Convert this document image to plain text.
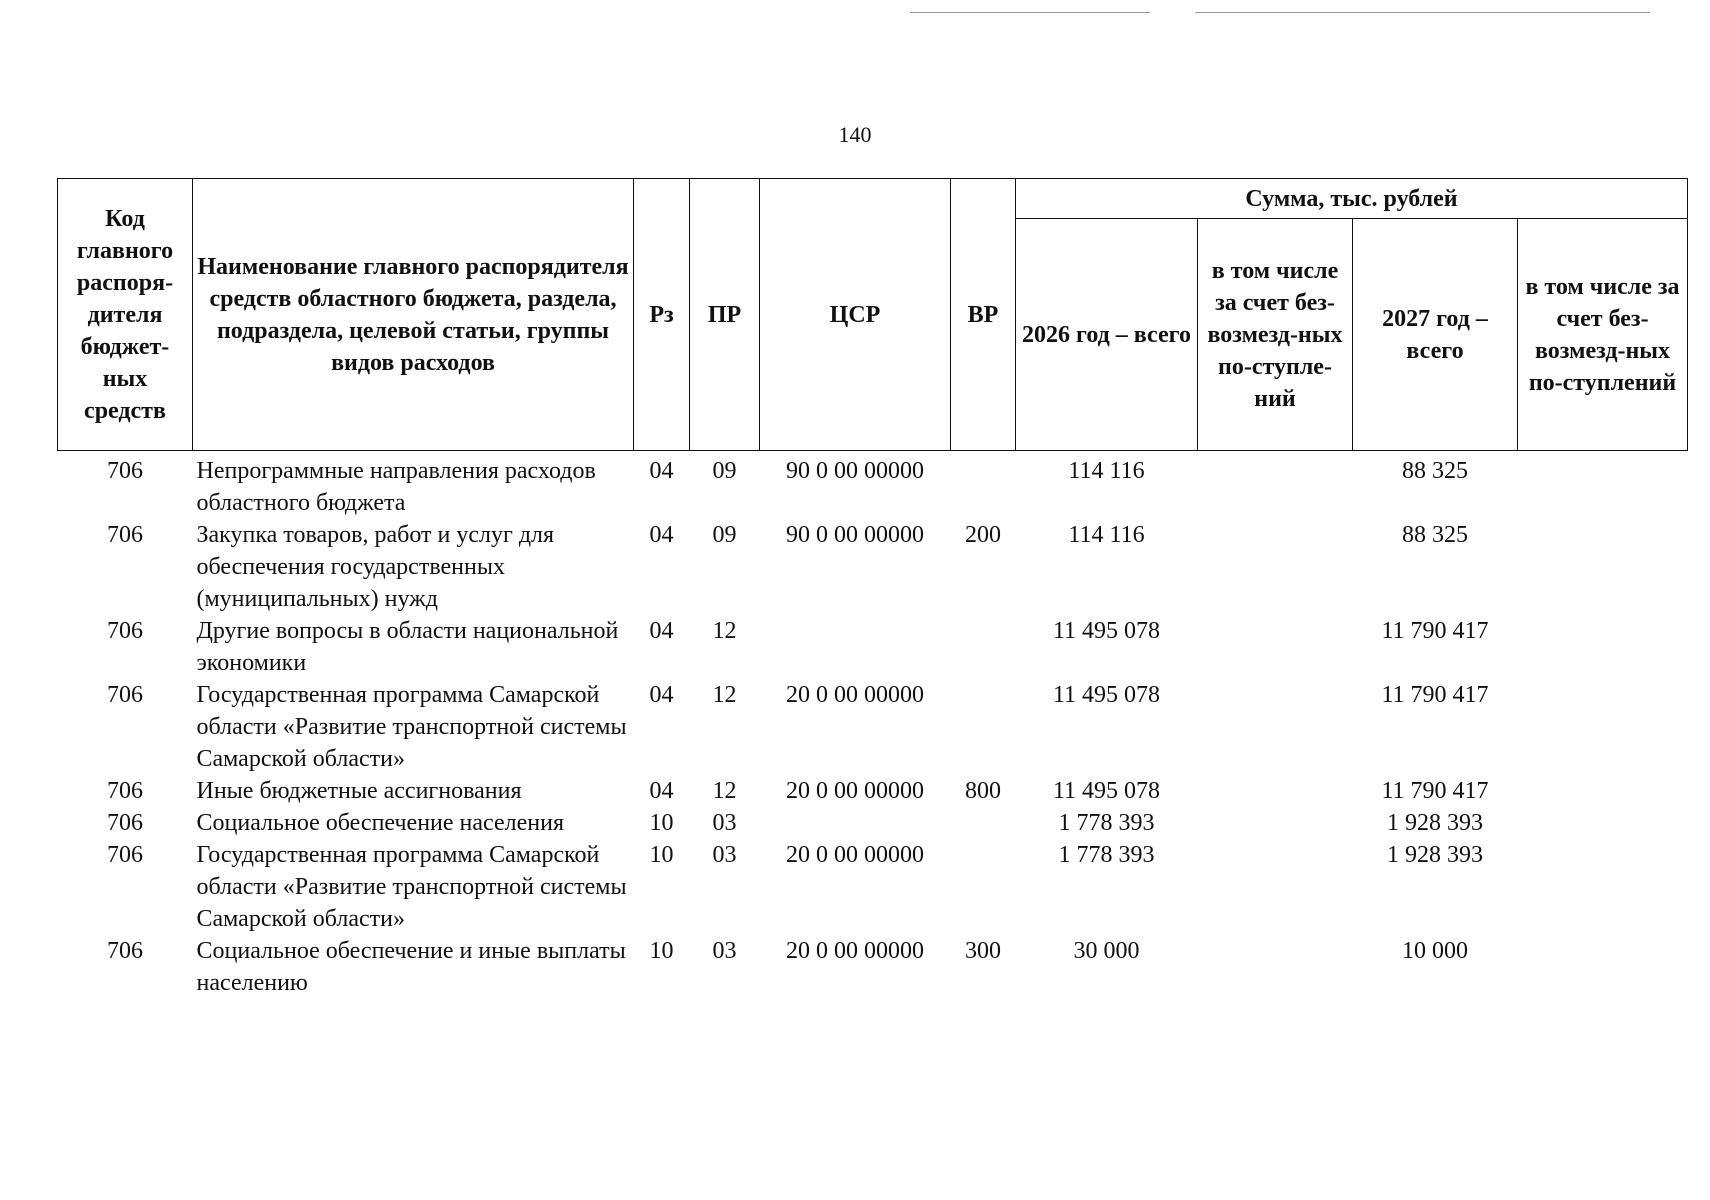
140
Код главного распоря-дителя бюджет-ных средств	Наименование главного распорядителя средств областного бюджета, раздела, подраздела, целевой статьи, группы видов расходов	Рз	ПР	ЦСР	ВР	Сумма, тыс. рублей			
						2026 год – всего	в том числе за счет без-возмезд-ных по-ступле-ний	2027 год – всего	в том числе за счет без-возмезд-ных по-ступлений
706	Непрограммные направления расходов областного бюджета	04	09	90 0 00 00000		114 116		88 325	
706	Закупка товаров, работ и услуг для обеспечения государственных (муниципальных) нужд	04	09	90 0 00 00000	200	114 116		88 325	
706	Другие вопросы в области национальной экономики	04	12			11 495 078		11 790 417	
706	Государственная программа Самарской области «Развитие транспортной системы Самарской области»	04	12	20 0 00 00000		11 495 078		11 790 417	
706	Иные бюджетные ассигнования	04	12	20 0 00 00000	800	11 495 078		11 790 417	
706	Социальное обеспечение населения	10	03			1 778 393		1 928 393	
706	Государственная программа Самарской области «Развитие транспортной системы Самарской области»	10	03	20 0 00 00000		1 778 393		1 928 393	
706	Социальное обеспечение и иные выплаты населению	10	03	20 0 00 00000	300	30 000		10 000	
